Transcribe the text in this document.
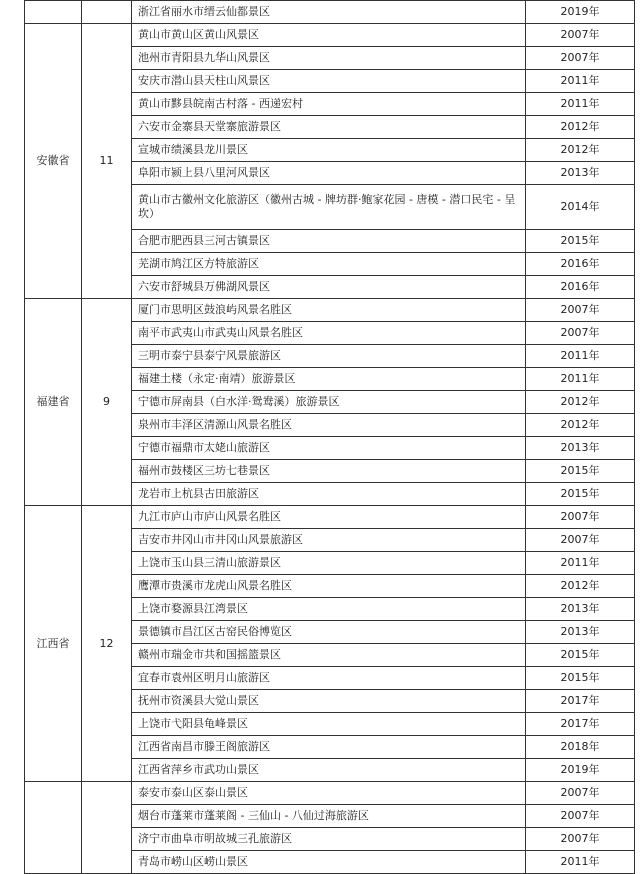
		浙江省丽水市缙云仙都景区	2019年
安徽省	11	黄山市黄山区黄山风景区	2007年
		池州市青阳县九华山风景区	2007年
		安庆市潜山县天柱山风景区	2011年
		黄山市黟县皖南古村落 - 西递宏村	2011年
		六安市金寨县天堂寨旅游景区	2012年
		宣城市绩溪县龙川景区	2012年
		阜阳市颍上县八里河风景区	2013年
		黄山市古徽州文化旅游区（徽州古城 - 牌坊群·鲍家花园 - 唐模 - 潜口民宅 - 呈坎）	2014年
		合肥市肥西县三河古镇景区	2015年
		芜湖市鸠江区方特旅游区	2016年
		六安市舒城县万佛湖风景区	2016年
福建省	9	厦门市思明区鼓浪屿风景名胜区	2007年
		南平市武夷山市武夷山风景名胜区	2007年
		三明市泰宁县泰宁风景旅游区	2011年
		福建土楼（永定·南靖）旅游景区	2011年
		宁德市屏南县（白水洋·鸳鸯溪）旅游景区	2012年
		泉州市丰泽区清源山风景名胜区	2012年
		宁德市福鼎市太姥山旅游区	2013年
		福州市鼓楼区三坊七巷景区	2015年
		龙岩市上杭县古田旅游区	2015年
江西省	12	九江市庐山市庐山风景名胜区	2007年
		吉安市井冈山市井冈山风景旅游区	2007年
		上饶市玉山县三清山旅游景区	2011年
		鹰潭市贵溪市龙虎山风景名胜区	2012年
		上饶市婺源县江湾景区	2013年
		景德镇市昌江区古窑民俗博览区	2013年
		赣州市瑞金市共和国摇篮景区	2015年
		宜春市袁州区明月山旅游区	2015年
		抚州市资溪县大觉山景区	2017年
		上饶市弋阳县龟峰景区	2017年
		江西省南昌市滕王阁旅游区	2018年
		江西省萍乡市武功山景区	2019年
		泰安市泰山区泰山景区	2007年
		烟台市蓬莱市蓬莱阁 - 三仙山 - 八仙过海旅游区	2007年
		济宁市曲阜市明故城三孔旅游区	2007年
		青岛市崂山区崂山景区	2011年
